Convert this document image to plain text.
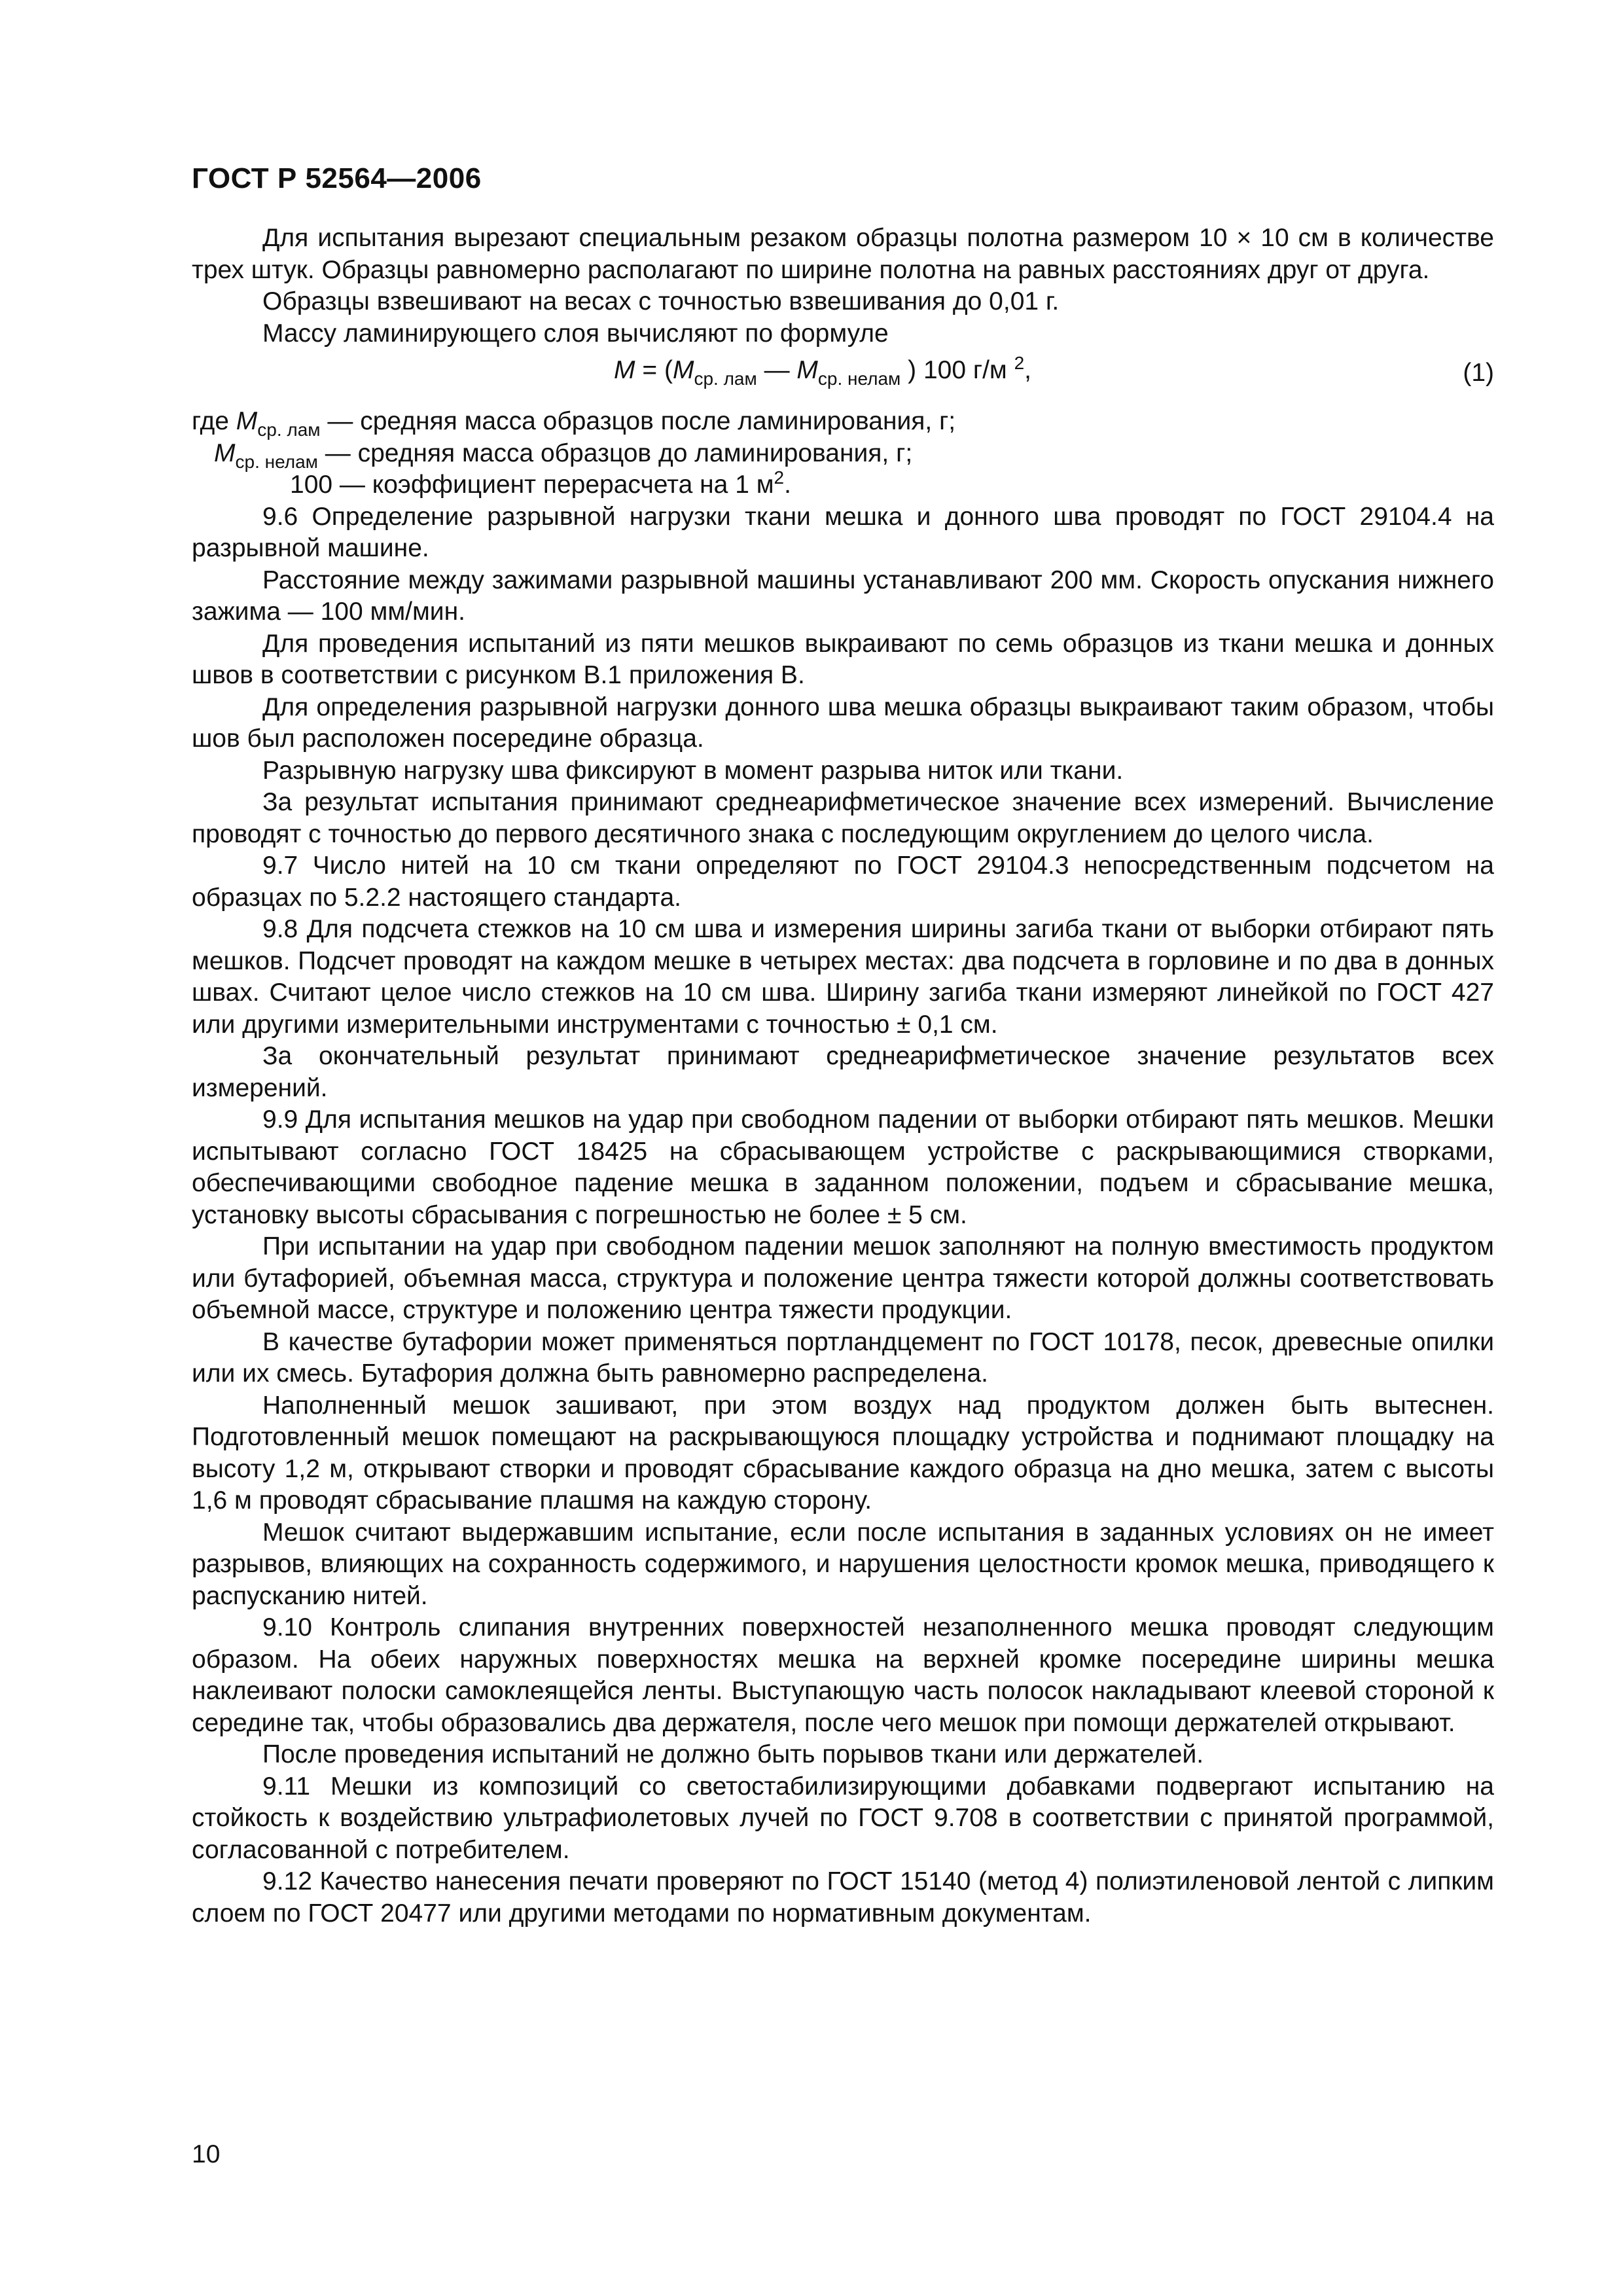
ГОСТ Р 52564—2006

Для испытания вырезают специальным резаком образцы полотна размером 10 × 10 см в количестве трех штук. Образцы равномерно располагают по ширине полотна на равных расстояниях друг от друга.

Образцы взвешивают на весах с точностью взвешивания до 0,01 г.

Массу ламинирующего слоя вычисляют по формуле

$M = (M_{ср. лам}$ — $M_{ср. нелам}$ ) 100 г/м $^2$,	(1)
где $M_{ср. лам}$ — средняя масса образцов после ламинирования, г;
$M_{ср. нелам}$ — средняя масса образцов до ламинирования, г;
100 — коэффициент перерасчета на 1 $м^2$.

9.6 Определение разрывной нагрузки ткани мешка и донного шва проводят по ГОСТ 29104.4 на разрывной машине.

Расстояние между зажимами разрывной машины устанавливают 200 мм. Скорость опускания нижнего зажима — 100 мм/мин.

Для проведения испытаний из пяти мешков выкраивают по семь образцов из ткани мешка и донных швов в соответствии с рисунком В.1 приложения В.

Для определения разрывной нагрузки донного шва мешка образцы выкраивают таким образом, чтобы шов был расположен посередине образца.

Разрывную нагрузку шва фиксируют в момент разрыва ниток или ткани.

За результат испытания принимают среднеарифметическое значение всех измерений. Вычисление проводят с точностью до первого десятичного знака с последующим округлением до целого числа.

9.7 Число нитей на 10 см ткани определяют по ГОСТ 29104.3 непосредственным подсчетом на образцах по 5.2.2 настоящего стандарта.

9.8 Для подсчета стежков на 10 см шва и измерения ширины загиба ткани от выборки отбирают пять мешков. Подсчет проводят на каждом мешке в четырех местах: два подсчета в горловине и по два в донных швах. Считают целое число стежков на 10 см шва. Ширину загиба ткани измеряют линейкой по ГОСТ 427 или другими измерительными инструментами с точностью ± 0,1 см.

За окончательный результат принимают среднеарифметическое значение результатов всех измерений.

9.9 Для испытания мешков на удар при свободном падении от выборки отбирают пять мешков. Мешки испытывают согласно ГОСТ 18425 на сбрасывающем устройстве с раскрывающимися створками, обеспечивающими свободное падение мешка в заданном положении, подъем и сбрасывание мешка, установку высоты сбрасывания с погрешностью не более ± 5 см.

При испытании на удар при свободном падении мешок заполняют на полную вместимость продуктом или бутафорией, объемная масса, структура и положение центра тяжести которой должны соответствовать объемной массе, структуре и положению центра тяжести продукции.

В качестве бутафории может применяться портландцемент по ГОСТ 10178, песок, древесные опилки или их смесь. Бутафория должна быть равномерно распределена.

Наполненный мешок зашивают, при этом воздух над продуктом должен быть вытеснен. Подготовленный мешок помещают на раскрывающуюся площадку устройства и поднимают площадку на высоту 1,2 м, открывают створки и проводят сбрасывание каждого образца на дно мешка, затем с высоты 1,6 м проводят сбрасывание плашмя на каждую сторону.

Мешок считают выдержавшим испытание, если после испытания в заданных условиях он не имеет разрывов, влияющих на сохранность содержимого, и нарушения целостности кромок мешка, приводящего к распусканию нитей.

9.10 Контроль слипания внутренних поверхностей незаполненного мешка проводят следующим образом. На обеих наружных поверхностях мешка на верхней кромке посередине ширины мешка наклеивают полоски самоклеящейся ленты. Выступающую часть полосок накладывают клеевой стороной к середине так, чтобы образовались два держателя, после чего мешок при помощи держателей открывают.

После проведения испытаний не должно быть порывов ткани или держателей.

9.11 Мешки из композиций со светостабилизирующими добавками подвергают испытанию на стойкость к воздействию ультрафиолетовых лучей по ГОСТ 9.708 в соответствии с принятой программой, согласованной с потребителем.

9.12 Качество нанесения печати проверяют по ГОСТ 15140 (метод 4) полиэтиленовой лентой с липким слоем по ГОСТ 20477 или другими методами по нормативным документам.

10
